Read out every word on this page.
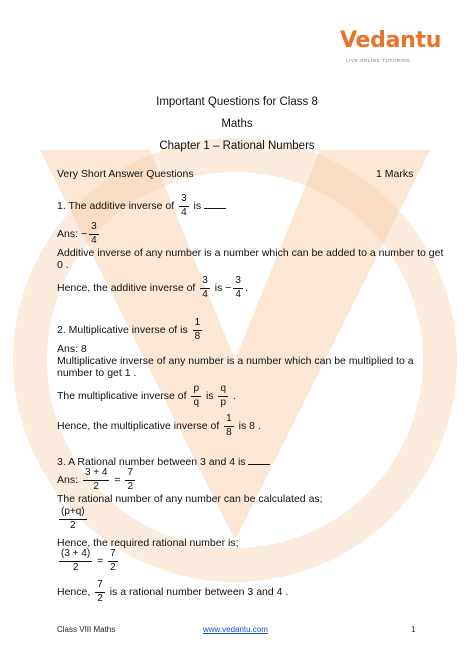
Vedantu
LIVE ONLINE TUTORING
Important Questions for Class 8
Maths
Chapter 1 – Rational Numbers
Very Short Answer Questions	1 Marks
1. The additive inverse of $\frac{3}{4}$ is
Ans: − $\frac{3}{4}$
Additive inverse of any number is a number which can be added to a number to get 0 .
Hence, the additive inverse of $\frac{3}{4}$ is − $\frac{3}{4}$ .
2. Multiplicative inverse of is $\frac{1}{8}$
Ans: 8
Multiplicative inverse of any number is a number which can be multiplied to a number to get 1 .
The multiplicative inverse of $\frac{p}{q}$ is $\frac{q}{p}$ .
Hence, the multiplicative inverse of $\frac{1}{8}$ is 8 .
3. A Rational number between 3 and 4 is
Ans: $\frac{3 + 4}{2} = \frac{7}{2}$
The rational number of any number can be calculated as;
$\frac{(p+q)}{2}$
Hence, the required rational number is;
$\frac{(3 + 4)}{2} = \frac{7}{2}$
Hence, $\frac{7}{2}$ is a rational number between 3 and 4 .
Class VIII Maths	www.vedantu.com	1
